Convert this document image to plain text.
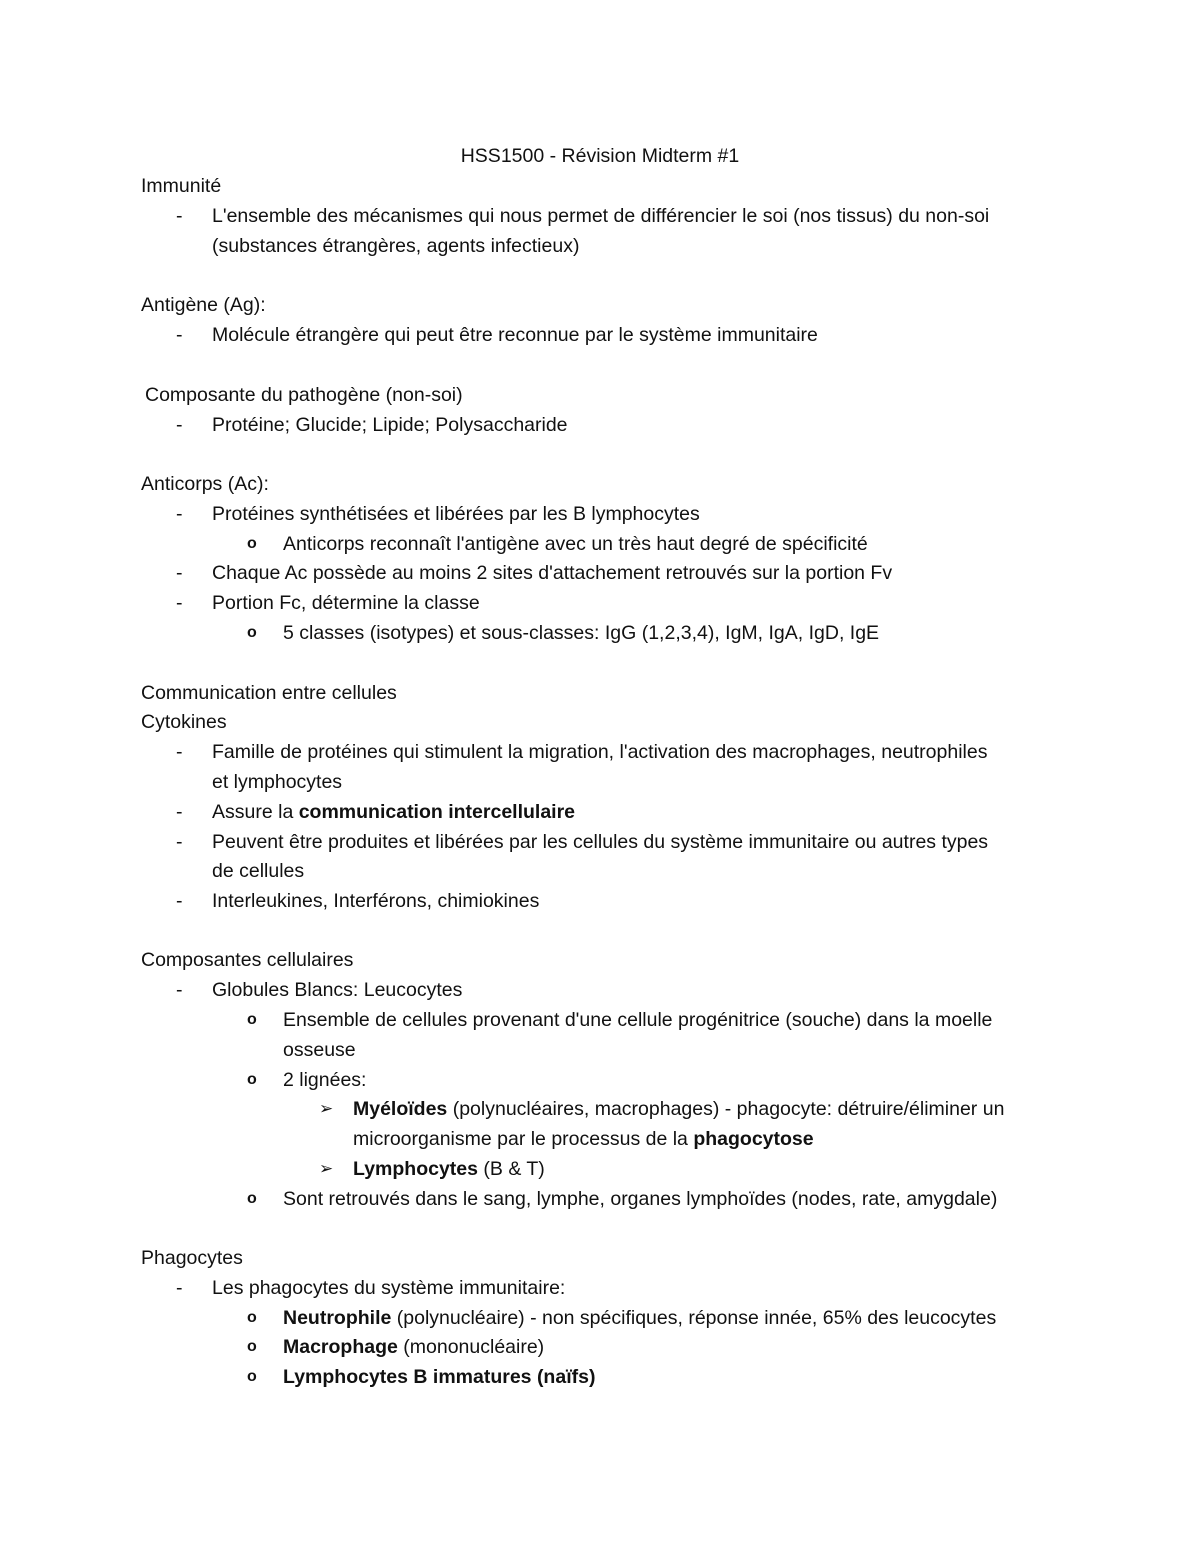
HSS1500 - Révision Midterm #1
Immunité
- L'ensemble des mécanismes qui nous permet de différencier le soi (nos tissus) du non-soi
(substances étrangères, agents infectieux)
Antigène (Ag):
- Molécule étrangère qui peut être reconnue par le système immunitaire
Composante du pathogène (non-soi)
- Protéine; Glucide; Lipide; Polysaccharide
Anticorps (Ac):
- Protéines synthétisées et libérées par les B lymphocytes
o Anticorps reconnaît l'antigène avec un très haut degré de spécificité
- Chaque Ac possède au moins 2 sites d'attachement retrouvés sur la portion Fv
- Portion Fc, détermine la classe
o 5 classes (isotypes) et sous-classes: IgG (1,2,3,4), IgM, IgA, IgD, IgE
Communication entre cellules
Cytokines
- Famille de protéines qui stimulent la migration, l'activation des macrophages, neutrophiles
et lymphocytes
- Assure la communication intercellulaire
- Peuvent être produites et libérées par les cellules du système immunitaire ou autres types
de cellules
- Interleukines, Interférons, chimiokines
Composantes cellulaires
- Globules Blancs: Leucocytes
o Ensemble de cellules provenant d'une cellule progénitrice (souche) dans la moelle
osseuse
o 2 lignées:
➢ Myéloïdes (polynucléaires, macrophages) - phagocyte: détruire/éliminer un
microorganisme par le processus de la phagocytose
➢ Lymphocytes (B & T)
o Sont retrouvés dans le sang, lymphe, organes lymphoïdes (nodes, rate, amygdale)
Phagocytes
- Les phagocytes du système immunitaire:
o Neutrophile (polynucléaire) - non spécifiques, réponse innée, 65% des leucocytes
o Macrophage (mononucléaire)
o Lymphocytes B immatures (naïfs)
